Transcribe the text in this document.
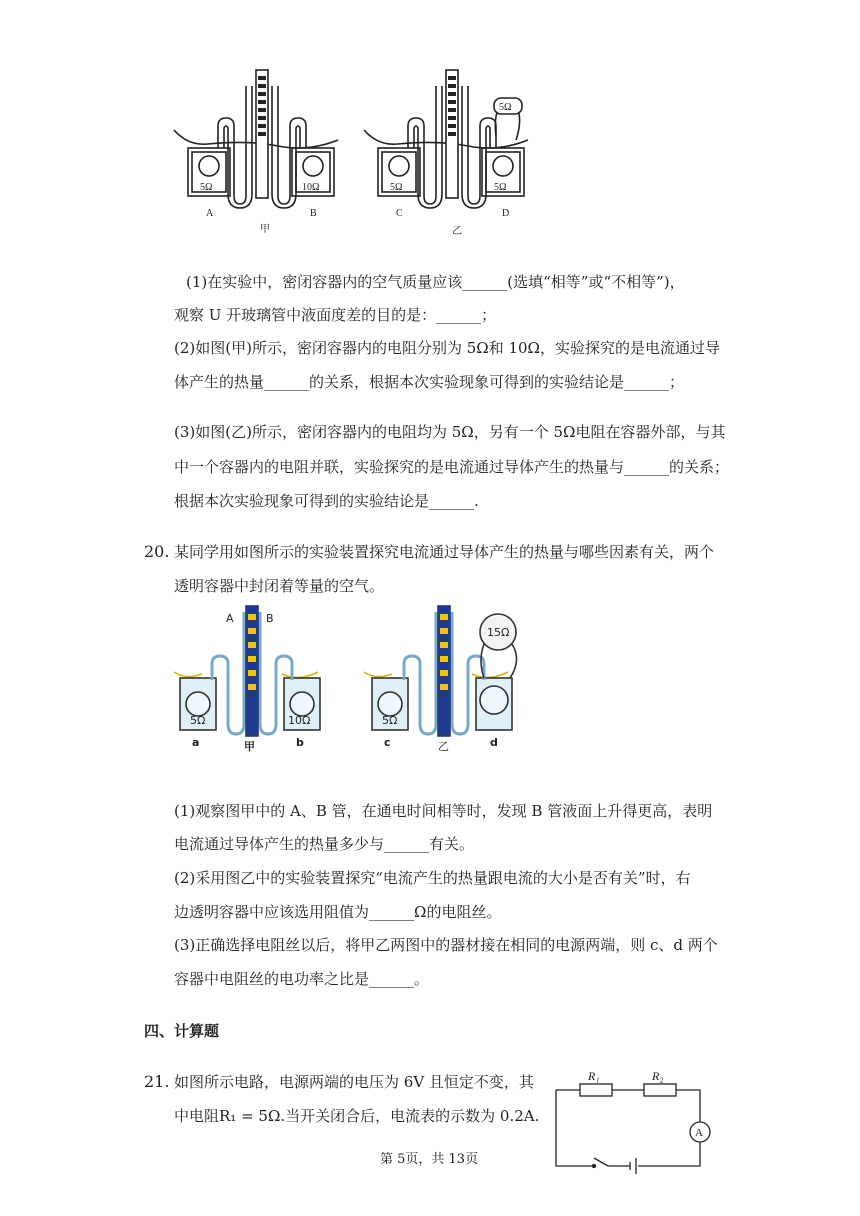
5Ω	10Ω	5Ω	5Ω
5Ω
A	B
甲
C	D
乙
(1)在实验中，密闭容器内的空气质量应该______(选填“相等”或“不相等”)，
观察 U 开玻璃管中液面度差的目的是：______；
(2)如图(甲)所示，密闭容器内的电阻分别为 5Ω和 10Ω，实验探究的是电流通过导
体产生的热量______的关系，根据本次实验现象可得到的实验结论是______；
(3)如图(乙)所示，密闭容器内的电阻均为 5Ω，另有一个 5Ω电阻在容器外部，与其
中一个容器内的电阻并联，实验探究的是电流通过导体产生的热量与______的关系；
根据本次实验现象可得到的实验结论是______.
20. 某同学用如图所示的实验装置探究电流通过导体产生的热量与哪些因素有关，两个
透明容器中封闭着等量的空气。
A	B
15Ω
5Ω	10Ω	5Ω
a	b	c	d
甲	乙
(1)观察图甲中的 A、B 管，在通电时间相等时，发现 B 管液面上升得更高，表明
电流通过导体产生的热量多少与______有关。
(2)采用图乙中的实验装置探究“电流产生的热量跟电流的大小是否有关”时，右
边透明容器中应该选用阻值为______Ω的电阻丝。
(3)正确选择电阻丝以后，将甲乙两图中的器材接在相同的电源两端，则 c、d 两个
容器中电阻丝的电功率之比是______。
四、计算题
21. 如图所示电路，电源两端的电压为 6V 且恒定不变，其
中电阻R₁ = 5Ω.当开关闭合后，电流表的示数为 0.2A.
R₁	R₂
A
第 5页，共 13页
